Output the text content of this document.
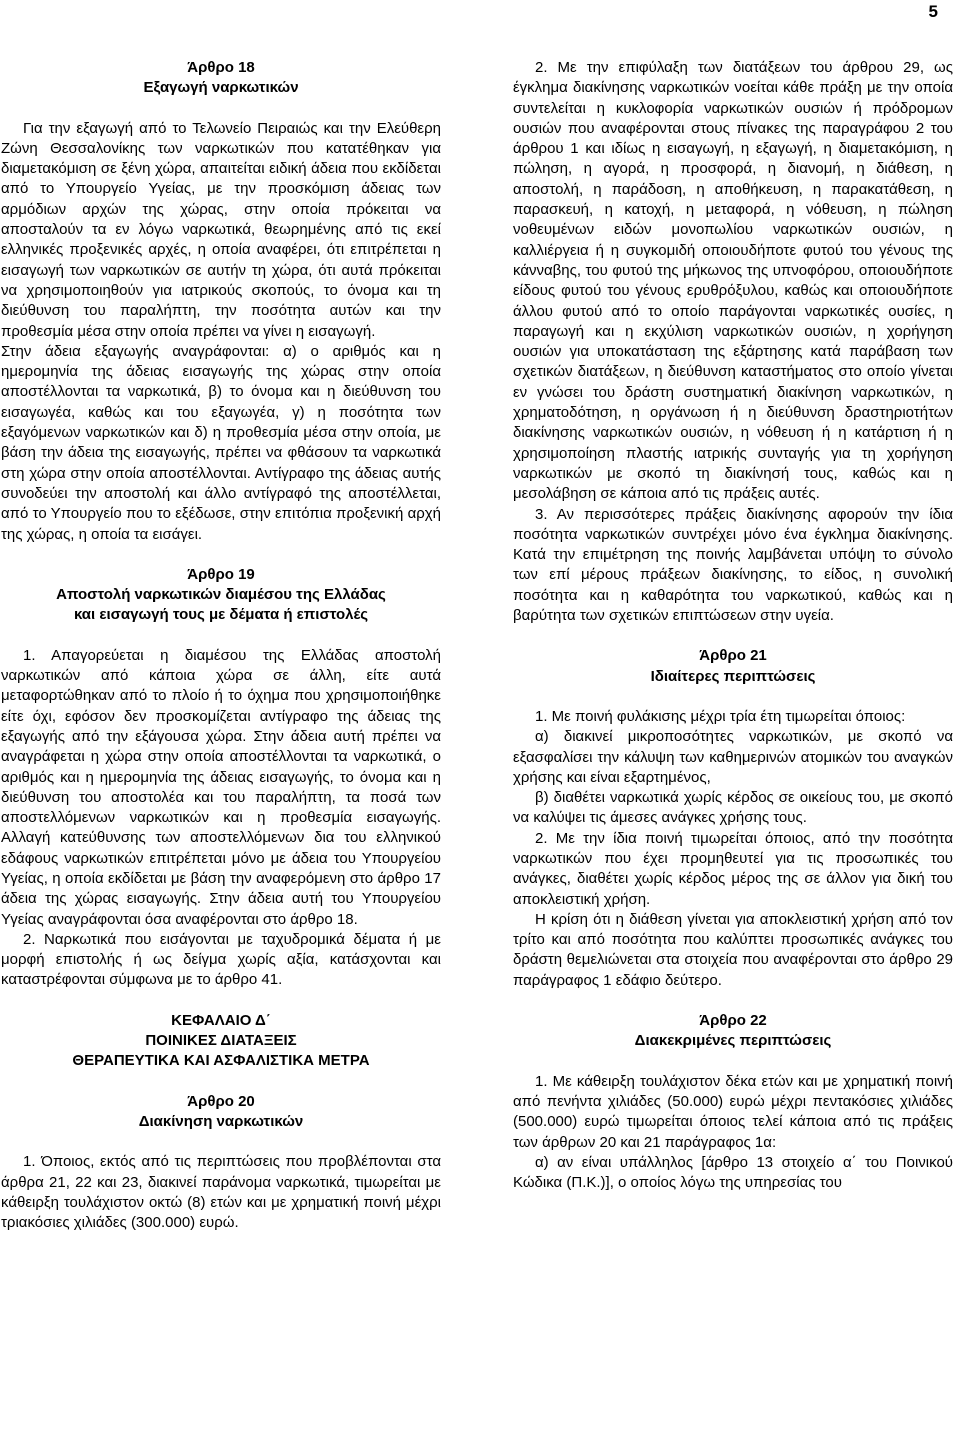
5

Άρθρο 18

Εξαγωγή ναρκωτικών

Για την εξαγωγή από το Τελωνείο Πειραιώς και την Ελεύθερη Ζώνη Θεσσαλονίκης των ναρκωτικών που κατατέθηκαν για διαμετακόμιση σε ξένη χώρα, απαιτείται ειδική άδεια που εκδίδεται από το Υπουργείο Υγείας, με την προσκόμιση άδειας των αρμόδιων αρχών της χώρας, στην οποία πρόκειται να αποσταλούν τα εν λόγω ναρκωτικά, θεωρημένης από τις εκεί ελληνικές προξενικές αρχές, η οποία αναφέρει, ότι επιτρέπεται η εισαγωγή των ναρκωτικών σε αυτήν τη χώρα, ότι αυτά πρόκειται να χρησιμοποιηθούν για ιατρικούς σκοπούς, το όνομα και τη διεύθυνση του παραλήπτη, την ποσότητα αυτών και την προθεσμία μέσα στην οποία πρέπει να γίνει η εισαγωγή.

Στην άδεια εξαγωγής αναγράφονται: α) ο αριθμός και η ημερομηνία της άδειας εισαγωγής της χώρας στην οποία αποστέλλονται τα ναρκωτικά, β) το όνομα και η διεύθυνση του εισαγωγέα, καθώς και του εξαγωγέα, γ) η ποσότητα των εξαγόμενων ναρκωτικών και δ) η προθεσμία μέσα στην οποία, με βάση την άδεια της εισαγωγής, πρέπει να φθάσουν τα ναρκωτικά στη χώρα στην οποία αποστέλλονται. Αντίγραφο της άδειας αυτής συνοδεύει την αποστολή και άλλο αντίγραφό της αποστέλλεται, από το Υπουργείο που το εξέδωσε, στην επιτόπια προξενική αρχή της χώρας, η οποία τα εισάγει.

Άρθρο 19

Αποστολή ναρκωτικών διαμέσου της Ελλάδας

και εισαγωγή τους με δέματα ή επιστολές

1. Απαγορεύεται η διαμέσου της Ελλάδας αποστολή ναρκωτικών από κάποια χώρα σε άλλη, είτε αυτά μεταφορτώθηκαν από το πλοίο ή το όχημα που χρησιμοποιήθηκε είτε όχι, εφόσον δεν προσκομίζεται αντίγραφο της άδειας της εξαγωγής από την εξάγουσα χώρα. Στην άδεια αυτή πρέπει να αναγράφεται η χώρα στην οποία αποστέλλονται τα ναρκωτικά, ο αριθμός και η ημερομηνία της άδειας εισαγωγής, το όνομα και η διεύθυνση του αποστολέα και του παραλήπτη, τα ποσά των αποστελλόμενων ναρκωτικών και η προθεσμία εισαγωγής. Αλλαγή κατεύθυνσης των αποστελλόμενων δια του ελληνικού εδάφους ναρκωτικών επιτρέπεται μόνο με άδεια του Υπουργείου Υγείας, η οποία εκδίδεται με βάση την αναφερόμενη στο άρθρο 17 άδεια της χώρας εισαγωγής. Στην άδεια αυτή του Υπουργείου Υγείας αναγράφονται όσα αναφέρονται στο άρθρο 18.

2. Ναρκωτικά που εισάγονται με ταχυδρομικά δέματα ή με μορφή επιστολής ή ως δείγμα χωρίς αξία, κατάσχονται και καταστρέφονται σύμφωνα με το άρθρο 41.

ΚΕΦΑΛΑΙΟ Δ΄

ΠΟΙΝΙΚΕΣ ΔΙΑΤΑΞΕΙΣ

ΘΕΡΑΠΕΥΤΙΚΑ ΚΑΙ ΑΣΦΑΛΙΣΤΙΚΑ ΜΕΤΡΑ

Άρθρο 20

Διακίνηση ναρκωτικών

1. Όποιος, εκτός από τις περιπτώσεις που προβλέπονται στα άρθρα 21, 22 και 23, διακινεί παράνομα ναρκωτικά, τιμωρείται με κάθειρξη τουλάχιστον οκτώ (8) ετών και με χρηματική ποινή μέχρι τριακόσιες χιλιάδες (300.000) ευρώ.

2. Με την επιφύλαξη των διατάξεων του άρθρου 29, ως έγκλημα διακίνησης ναρκωτικών νοείται κάθε πράξη με την οποία συντελείται η κυκλοφορία ναρκωτικών ουσιών ή πρόδρομων ουσιών που αναφέρονται στους πίνακες της παραγράφου 2 του άρθρου 1 και ιδίως η εισαγωγή, η εξαγωγή, η διαμετακόμιση, η πώληση, η αγορά, η προσφορά, η διανομή, η διάθεση, η αποστολή, η παράδοση, η αποθήκευση, η παρακατάθεση, η παρασκευή, η κατοχή, η μεταφορά, η νόθευση, η πώληση νοθευμένων ειδών μονοπωλίου ναρκωτικών ουσιών, η καλλιέργεια ή η συγκομιδή οποιουδήποτε φυτού του γένους της κάνναβης, του φυτού της μήκωνος της υπνοφόρου, οποιουδήποτε είδους φυτού του γένους ερυθρόξυλου, καθώς και οποιουδήποτε άλλου φυτού από το οποίο παράγονται ναρκωτικές ουσίες, η παραγωγή και η εκχύλιση ναρκωτικών ουσιών, η χορήγηση ουσιών για υποκατάσταση της εξάρτησης κατά παράβαση των σχετικών διατάξεων, η διεύθυνση καταστήματος στο οποίο γίνεται εν γνώσει του δράστη συστηματική διακίνηση ναρκωτικών, η χρηματοδότηση, η οργάνωση ή η διεύθυνση δραστηριοτήτων διακίνησης ναρκωτικών ουσιών, η νόθευση ή η κατάρτιση ή η χρησιμοποίηση πλαστής ιατρικής συνταγής για τη χορήγηση ναρκωτικών με σκοπό τη διακίνησή τους, καθώς και η μεσολάβηση σε κάποια από τις πράξεις αυτές.

3. Αν περισσότερες πράξεις διακίνησης αφορούν την ίδια ποσότητα ναρκωτικών συντρέχει μόνο ένα έγκλημα διακίνησης. Κατά την επιμέτρηση της ποινής λαμβάνεται υπόψη το σύνολο των επί μέρους πράξεων διακίνησης, το είδος, η συνολική ποσότητα και η καθαρότητα του ναρκωτικού, καθώς και η βαρύτητα των σχετικών επιπτώσεων στην υγεία.

Άρθρο 21

Ιδιαίτερες περιπτώσεις

1. Με ποινή φυλάκισης μέχρι τρία έτη τιμωρείται όποιος:

α) διακινεί μικροποσότητες ναρκωτικών, με σκοπό να εξασφαλίσει την κάλυψη των καθημερινών ατομικών του αναγκών χρήσης και είναι εξαρτημένος,

β) διαθέτει ναρκωτικά χωρίς κέρδος σε οικείους του, με σκοπό να καλύψει τις άμεσες ανάγκες χρήσης τους.

2. Με την ίδια ποινή τιμωρείται όποιος, από την ποσότητα ναρκωτικών που έχει προμηθευτεί για τις προσωπικές του ανάγκες, διαθέτει χωρίς κέρδος μέρος της σε άλλον για δική του αποκλειστική χρήση.

Η κρίση ότι η διάθεση γίνεται για αποκλειστική χρήση από τον τρίτο και από ποσότητα που καλύπτει προσωπικές ανάγκες του δράστη θεμελιώνεται στα στοιχεία που αναφέρονται στο άρθρο 29 παράγραφος 1 εδάφιο δεύτερο.

Άρθρο 22

Διακεκριμένες περιπτώσεις

1. Με κάθειρξη τουλάχιστον δέκα ετών και με χρηματική ποινή από πενήντα χιλιάδες (50.000) ευρώ μέχρι πεντακόσιες χιλιάδες (500.000) ευρώ τιμωρείται όποιος τελεί κάποια από τις πράξεις των άρθρων 20 και 21 παράγραφος 1α:

α) αν είναι υπάλληλος [άρθρο 13 στοιχείο α΄ του Ποινικού Κώδικα (Π.Κ.)], ο οποίος λόγω της υπηρεσίας του
